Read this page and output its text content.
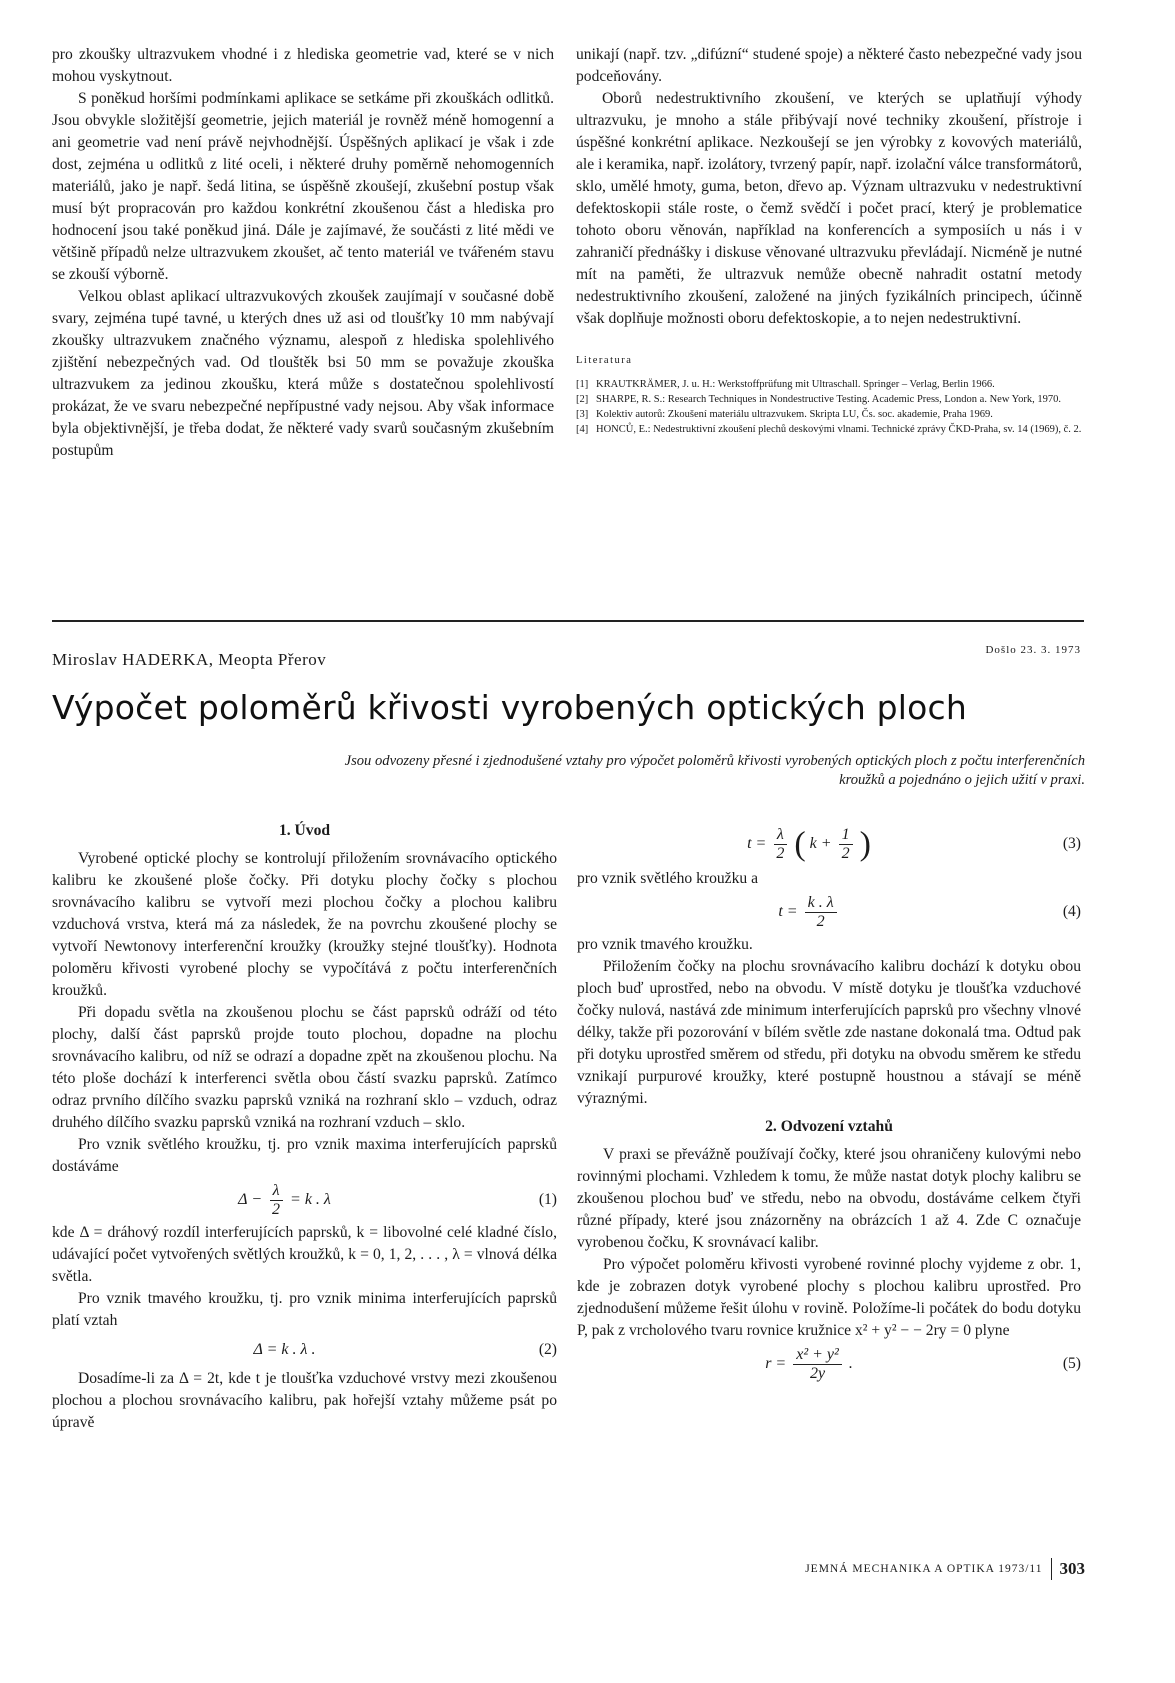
pro zkoušky ultrazvukem vhodné i z hlediska geometrie vad, které se v nich mohou vyskytnout.

S poněkud horšími podmínkami aplikace se setkáme při zkouškách odlitků. Jsou obvykle složitější geometrie, jejich materiál je rovněž méně homogenní a ani geometrie vad není právě nejvhodnější. Úspěšných aplikací je však i zde dost, zejména u odlitků z lité oceli, i některé druhy poměrně nehomogenních materiálů, jako je např. šedá litina, se úspěšně zkoušejí, zkušební postup však musí být propracován pro každou konkrétní zkoušenou část a hlediska pro hodnocení jsou také poněkud jiná. Dále je zajímavé, že součásti z lité mědi ve většině případů nelze ultrazvukem zkoušet, ač tento materiál ve tvářeném stavu se zkouší výborně.

Velkou oblast aplikací ultrazvukových zkoušek zaujímají v současné době svary, zejména tupé tavné, u kterých dnes už asi od tloušťky 10 mm nabývají zkoušky ultrazvukem značného významu, alespoň z hlediska spolehlivého zjištění nebezpečných vad. Od tlouštěk bsi 50 mm se považuje zkouška ultrazvukem za jedinou zkoušku, která může s dostatečnou spolehlivostí prokázat, že ve svaru nebezpečné nepřípustné vady nejsou. Aby však informace byla objektivnější, je třeba dodat, že některé vady svarů současným zkušebním postupům

unikají (např. tzv. „difúzní“ studené spoje) a některé často nebezpečné vady jsou podceňovány.

Oborů nedestruktivního zkoušení, ve kterých se uplatňují výhody ultrazvuku, je mnoho a stále přibývají nové techniky zkoušení, přístroje i úspěšné konkrétní aplikace. Nezkoušejí se jen výrobky z kovových materiálů, ale i keramika, např. izolátory, tvrzený papír, např. izolační válce transformátorů, sklo, umělé hmoty, guma, beton, dřevo ap. Význam ultrazvuku v nedestruktivní defektoskopii stále roste, o čemž svědčí i počet prací, který je problematice tohoto oboru věnován, například na konferencích a symposiích u nás i v zahraničí přednášky i diskuse věnované ultrazvuku převládají. Nicméně je nutné mít na paměti, že ultrazvuk nemůže obecně nahradit ostatní metody nedestruktivního zkoušení, založené na jiných fyzikálních principech, účinně však doplňuje možnosti oboru defektoskopie, a to nejen nedestruktivní.

Literatura
[1] KRAUTKRÄMER, J. u. H.: Werkstoffprüfung mit Ultraschall. Springer – Verlag, Berlin 1966.
[2] SHARPE, R. S.: Research Techniques in Nondestructive Testing. Academic Press, London a. New York, 1970.
[3] Kolektiv autorů: Zkoušení materiálu ultrazvukem. Skripta LU, Čs. soc. akademie, Praha 1969.
[4] HONCŮ, E.: Nedestruktivní zkoušení plechů deskovými vlnami. Technické zprávy ČKD-Praha, sv. 14 (1969), č. 2.
Miroslav HADERKA, Meopta Přerov	Došlo 23. 3. 1973
Výpočet poloměrů křivosti vyrobených optických ploch
Jsou odvozeny přesné i zjednodušené vztahy pro výpočet poloměrů křivosti vyrobených optických ploch z počtu interferenčních kroužků a pojednáno o jejich užití v praxi.
1. Úvod

Vyrobené optické plochy se kontrolují přiložením srovnávacího optického kalibru ke zkoušené ploše čočky. Při dotyku plochy čočky s plochou srovnávacího kalibru se vytvoří mezi plochou čočky a plochou kalibru vzduchová vrstva, která má za následek, že na povrchu zkoušené plochy se vytvoří Newtonovy interferenční kroužky (kroužky stejné tloušťky). Hodnota poloměru křivosti vyrobené plochy se vypočítává z počtu interferenčních kroužků.

Při dopadu světla na zkoušenou plochu se část paprsků odráží od této plochy, další část paprsků projde touto plochou, dopadne na plochu srovnávacího kalibru, od níž se odrazí a dopadne zpět na zkoušenou plochu. Na této ploše dochází k interferenci světla obou částí svazku paprsků. Zatímco odraz prvního dílčího svazku paprsků vzniká na rozhraní sklo – vzduch, odraz druhého dílčího svazku paprsků vzniká na rozhraní vzduch – sklo.

Pro vznik světlého kroužku, tj. pro vznik maxima interferujících paprsků dostáváme

$\Delta - \frac{\lambda}{2} = k$ . λ	(1)

kde Δ = dráhový rozdíl interferujících paprsků, k = libovolné celé kladné číslo, udávající počet vytvořených světlých kroužků, k = 0, 1, 2, . . . , λ = vlnová délka světla.

Pro vznik tmavého kroužku, tj. pro vznik minima interferujících paprsků platí vztah

Δ = k . λ .	(2)

Dosadíme-li za Δ = 2t, kde t je tloušťka vzduchové vrstvy mezi zkoušenou plochou a plochou srovnávacího kalibru, pak hořejší vztahy můžeme psát po úpravě

$t = \frac{\lambda}{2}$ ( $k + \frac{1}{2}$ )	(3)

pro vznik světlého kroužku a

$t = \frac{k . \lambda}{2}$	(4)

pro vznik tmavého kroužku.

Přiložením čočky na plochu srovnávacího kalibru dochází k dotyku obou ploch buď uprostřed, nebo na obvodu. V místě dotyku je tloušťka vzduchové čočky nulová, nastává zde minimum interferujících paprsků pro všechny vlnové délky, takže při pozorování v bílém světle zde nastane dokonalá tma. Odtud pak při dotyku uprostřed směrem od středu, při dotyku na obvodu směrem ke středu vznikají purpurové kroužky, které postupně houstnou a stávají se méně výraznými.

2. Odvození vztahů

V praxi se převážně používají čočky, které jsou ohraničeny kulovými nebo rovinnými plochami. Vzhledem k tomu, že může nastat dotyk plochy kalibru se zkoušenou plochou buď ve středu, nebo na obvodu, dostáváme celkem čtyři různé případy, které jsou znázorněny na obrázcích 1 až 4. Zde C označuje vyrobenou čočku, K srovnávací kalibr.

Pro výpočet poloměru křivosti vyrobené rovinné plochy vyjdeme z obr. 1, kde je zobrazen dotyk vyrobené plochy s plochou kalibru uprostřed. Pro zjednodušení můžeme řešit úlohu v rovině. Položíme-li počátek do bodu dotyku P, pak z vrcholového tvaru rovnice kružnice x² + y² − − 2ry = 0 plyne

$r = \frac{\text{x² + y²}}{2y}$ .	(5)
JEMNÁ MECHANIKA A OPTIKA 1973/11	303
